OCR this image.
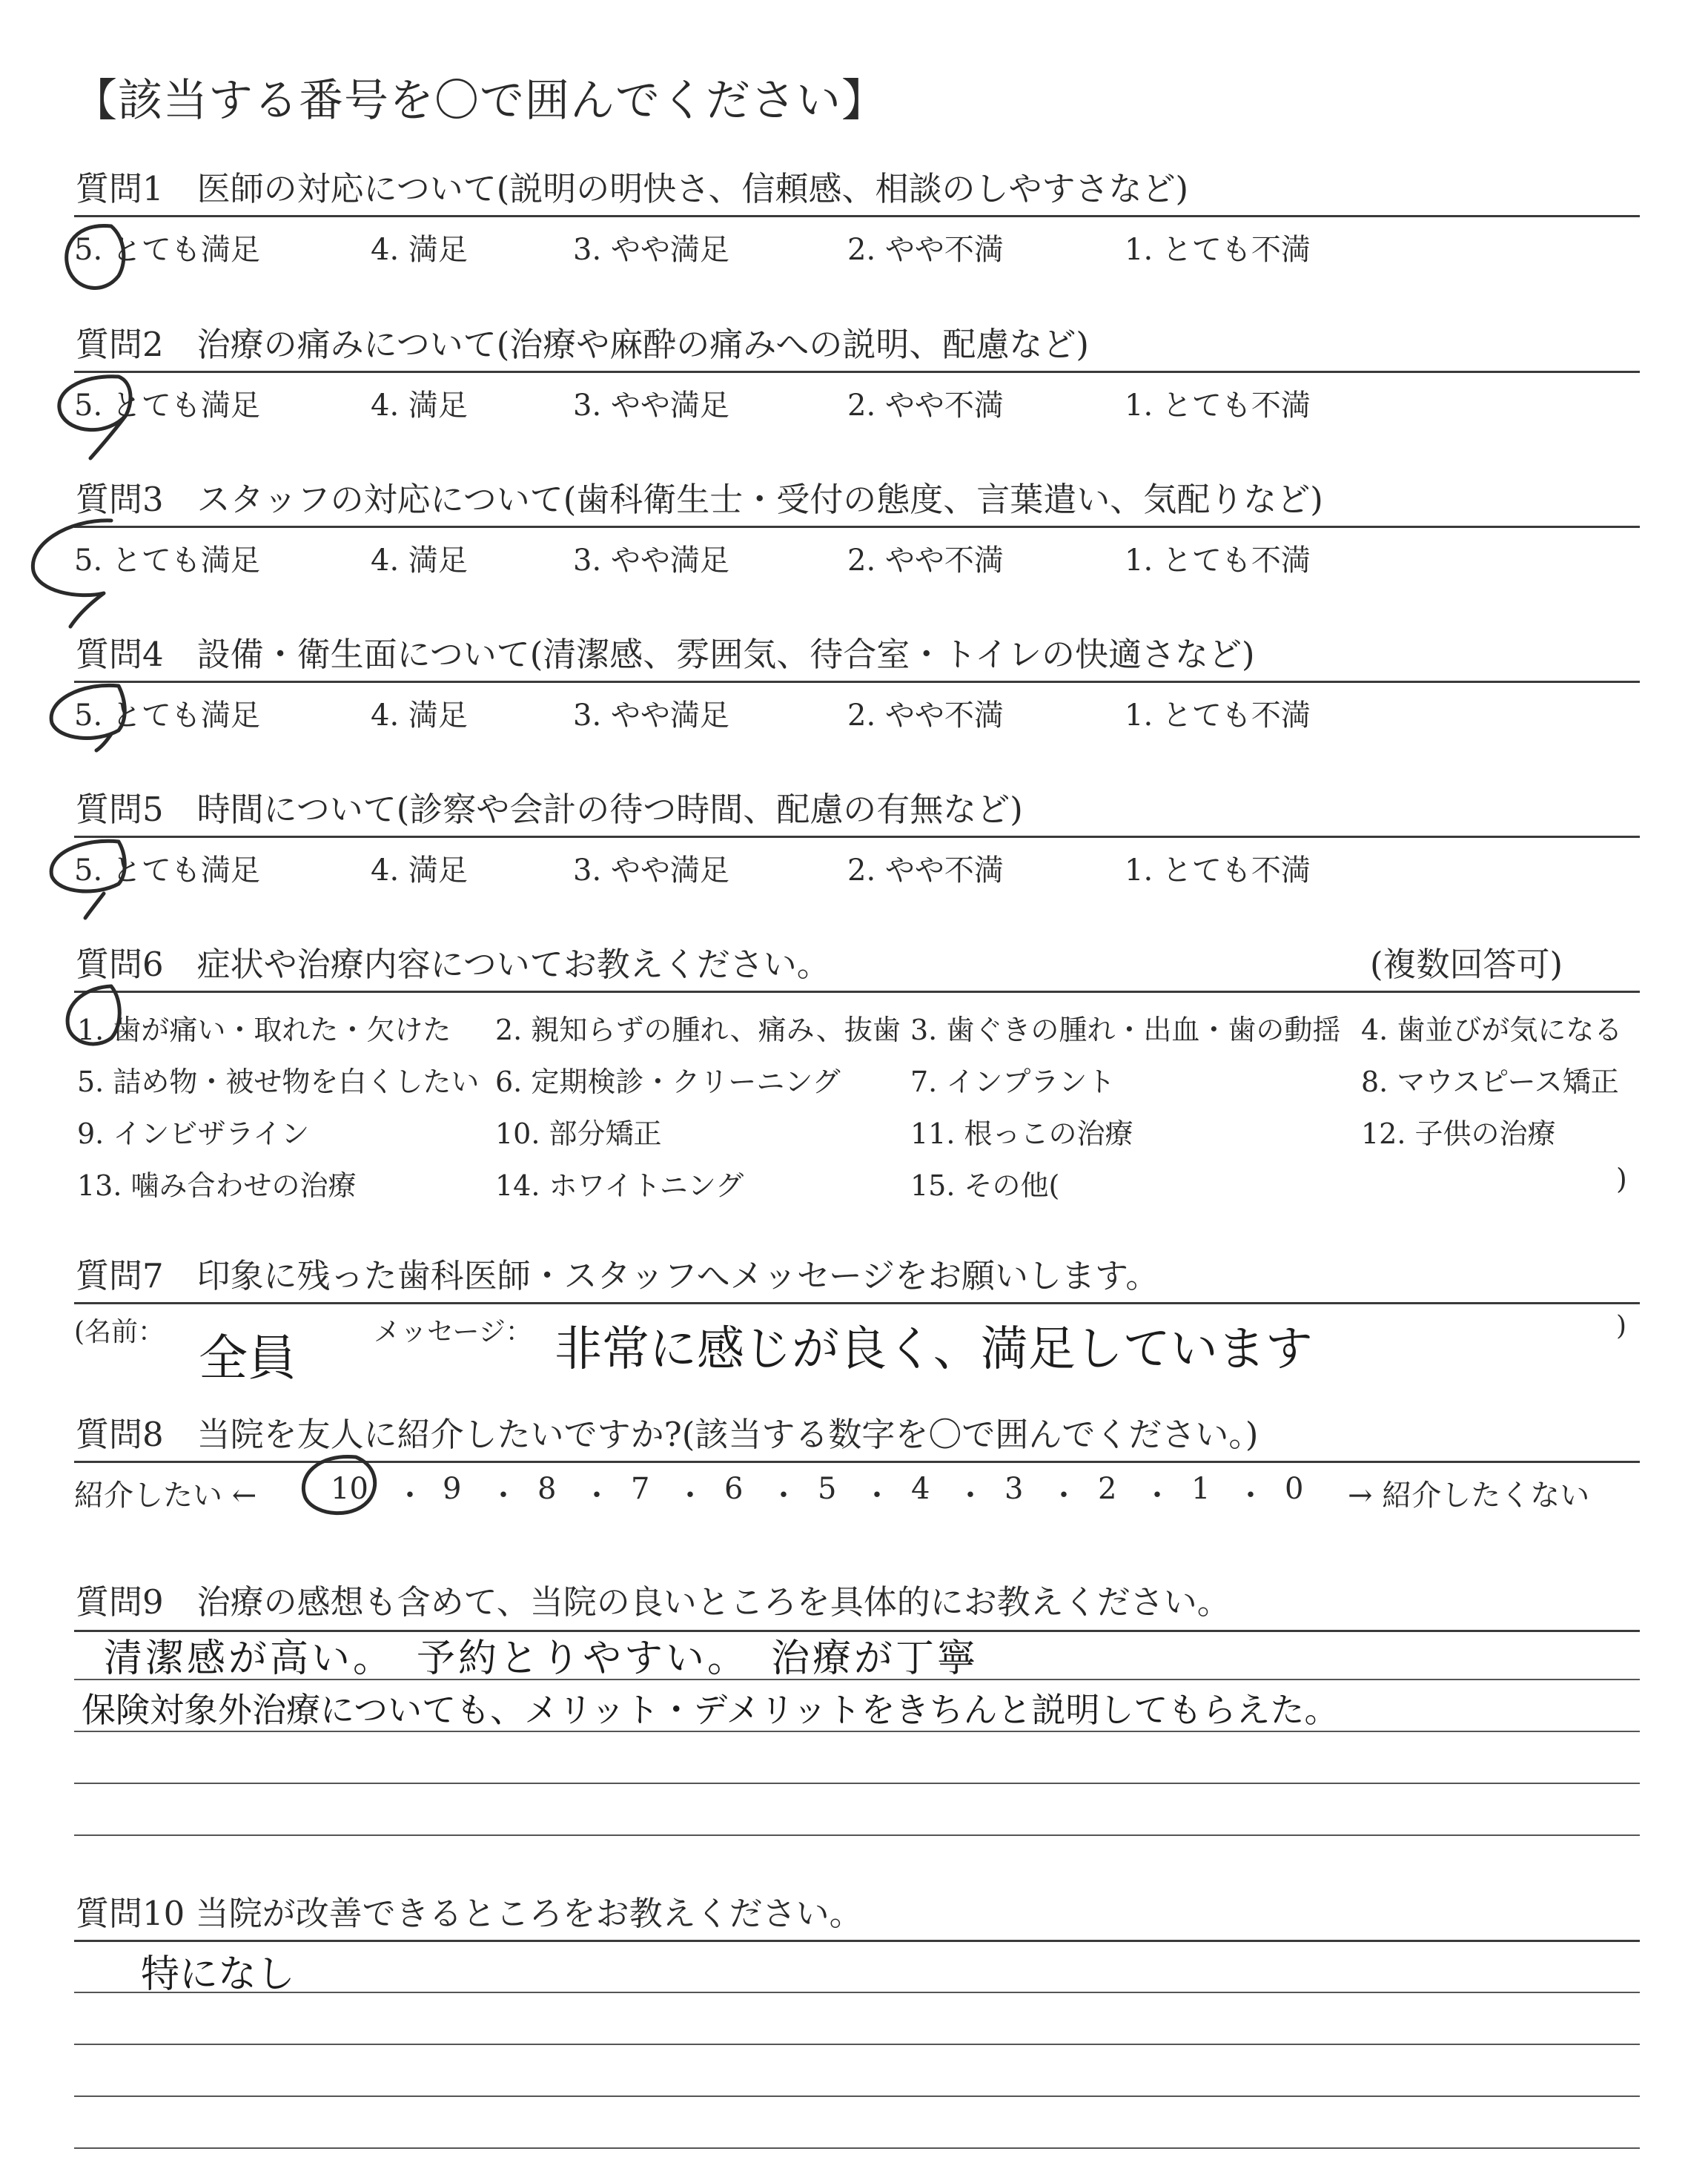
【該当する番号を〇で囲んでください】
質問1　医師の対応について(説明の明快さ、信頼感、相談のしやすさなど)
5. とても満足	4. 満足	3. やや満足	2. やや不満	1. とても不満
質問2　治療の痛みについて(治療や麻酔の痛みへの説明、配慮など)
5. とても満足	4. 満足	3. やや満足	2. やや不満	1. とても不満
質問3　スタッフの対応について(歯科衛生士・受付の態度、言葉遣い、気配りなど)
5. とても満足	4. 満足	3. やや満足	2. やや不満	1. とても不満
質問4　設備・衛生面について(清潔感、雰囲気、待合室・トイレの快適さなど)
5. とても満足	4. 満足	3. やや満足	2. やや不満	1. とても不満
質問5　時間について(診察や会計の待つ時間、配慮の有無など)
5. とても満足	4. 満足	3. やや満足	2. やや不満	1. とても不満
質問6　症状や治療内容についてお教えください。	(複数回答可)
1. 歯が痛い・取れた・欠けた 2. 親知らずの腫れ、痛み、抜歯 3. 歯ぐきの腫れ・出血・歯の動揺 4. 歯並びが気になる
5. 詰め物・被せ物を白くしたい 6. 定期検診・クリーニング 7. インプラント	8. マウスピース矯正
9. インビザライン	10. 部分矯正	11. 根っこの治療	12. 子供の治療
13. 噛み合わせの治療	14. ホワイトニング	15. その他(	)
質問7　印象に残った歯科医師・スタッフへメッセージをお願いします。
(名前： 全員	メッセージ： 非常に感じが良く、満足しています	)
質問8　当院を友人に紹介したいですか?(該当する数字を〇で囲んでください。)
紹介したい ← 10	9	8	7	6	5	4	3	2	1	0 → 紹介したくない
・ ・ ・ ・ ・ ・ ・ ・ ・ ・
質問9　治療の感想も含めて、当院の良いところを具体的にお教えください。
清潔感が高い。　予約とりやすい。　治療が丁寧
保険対象外治療についても、メリット・デメリットをきちんと説明してもらえた。
質問10 当院が改善できるところをお教えください。
特になし
